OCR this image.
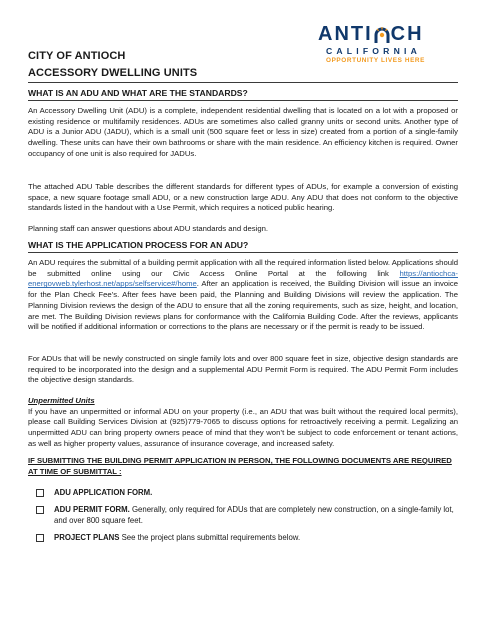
CITY OF ANTIOCH
ACCESSORY DWELLING UNITS
ANTI CH
CALIFORNIA
OPPORTUNITY LIVES HERE
WHAT IS AN ADU AND WHAT ARE THE STANDARDS?
An Accessory Dwelling Unit (ADU) is a complete, independent residential dwelling that is located on a lot with a proposed or existing residence or multifamily residences. ADUs are sometimes also called granny units or second units. Another type of ADU is a Junior ADU (JADU), which is a small unit (500 square feet or less in size) created from a portion of a single-family dwelling. These units can have their own bathrooms or share with the main residence. An efficiency kitchen is required. Owner occupancy of one unit is also required for JADUs.
The attached ADU Table describes the different standards for different types of ADUs, for example a conversion of existing space, a new square footage small ADU, or a new construction large ADU. Any ADU that does not conform to the objective standards listed in the handout with a Use Permit, which requires a noticed public hearing.
Planning staff can answer questions about ADU standards and design.
WHAT IS THE APPLICATION PROCESS FOR AN ADU?
An ADU requires the submittal of a building permit application with all the required information listed below. Applications should be submitted online using our Civic Access Online Portal at the following link https://antiochca-energovweb.tylerhost.net/apps/selfservice#/home. After an application is received, the Building Division will issue an invoice for the Plan Check Fee’s. After fees have been paid, the Planning and Building Divisions will review the application. The Planning Division reviews the design of the ADU to ensure that all the zoning requirements, such as size, height, and location, are met. The Building Division reviews plans for conformance with the California Building Code. After the reviews, applicants will be notified if additional information or corrections to the plans are necessary or if the permit is ready to be issued.
For ADUs that will be newly constructed on single family lots and over 800 square feet in size, objective design standards are required to be incorporated into the design and a supplemental ADU Permit Form is required. The ADU Permit Form includes the objective design standards.
Unpermitted Units
If you have an unpermitted or informal ADU on your property (i.e., an ADU that was built without the required local permits), please call Building Services Division at (925)779-7065 to discuss options for retroactively receiving a permit. Legalizing an unpermitted ADU can bring property owners peace of mind that they won’t be subject to code enforcement or tenant actions, as well as higher property values, assurance of insurance coverage, and increased safety.
IF SUBMITTING THE BUILDING PERMIT APPLICATION IN PERSON, THE FOLLOWING DOCUMENTS ARE REQUIRED AT TIME OF SUBMITTAL :
ADU APPLICATION FORM.
ADU PERMIT FORM. Generally, only required for ADUs that are completely new construction, on a single-family lot, and over 800 square feet.
PROJECT PLANS See the project plans submittal requirements below.
